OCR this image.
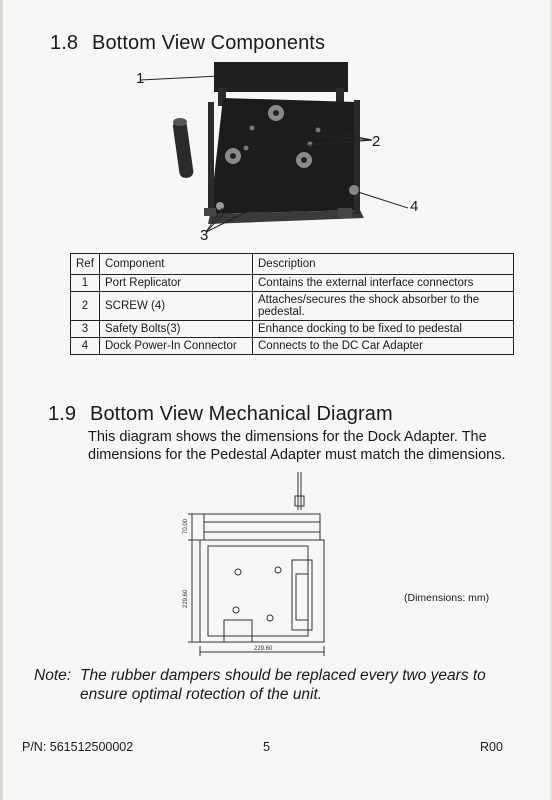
1.8 Bottom View Components
1
2
3
4
Ref	Component	Description
1	Port Replicator	Contains the external interface connectors
2	SCREW (4)	Attaches/secures the shock absorber to the pedestal.
3	Safety Bolts(3)	Enhance docking to be fixed to pedestal
4	Dock Power-In Connector	Connects to the DC Car Adapter
1.9 Bottom View Mechanical Diagram
This diagram shows the dimensions for the Dock Adapter. The dimensions for the Pedestal Adapter must match the dimensions.
70.00
229.60
229.60
(Dimensions: mm)
Note: The rubber dampers should be replaced every two years to
ensure optimal rotection of the unit.
P/N: 561512500002	5	R00
